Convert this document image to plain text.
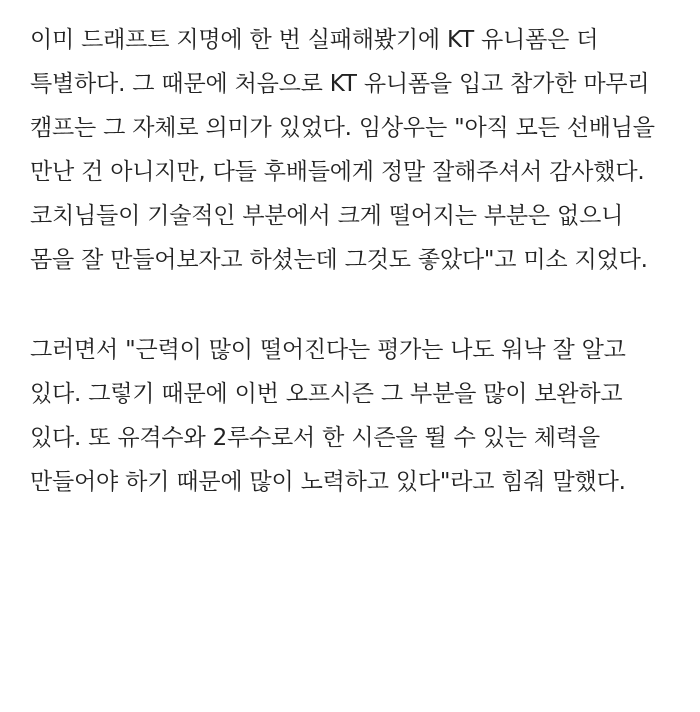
이미 드래프트 지명에 한 번 실패해봤기에 KT 유니폼은 더 특별하다. 그 때문에 처음으로 KT 유니폼을 입고 참가한 마무리 캠프는 그 자체로 의미가 있었다. 임상우는 "아직 모든 선배님을 만난 건 아니지만, 다들 후배들에게 정말 잘해주셔서 감사했다. 코치님들이 기술적인 부분에서 크게 떨어지는 부분은 없으니 몸을 잘 만들어보자고 하셨는데 그것도 좋았다"고 미소 지었다.

그러면서 "근력이 많이 떨어진다는 평가는 나도 워낙 잘 알고 있다. 그렇기 때문에 이번 오프시즌 그 부분을 많이 보완하고 있다. 또 유격수와 2루수로서 한 시즌을 뛸 수 있는 체력을 만들어야 하기 때문에 많이 노력하고 있다"라고 힘줘 말했다.
